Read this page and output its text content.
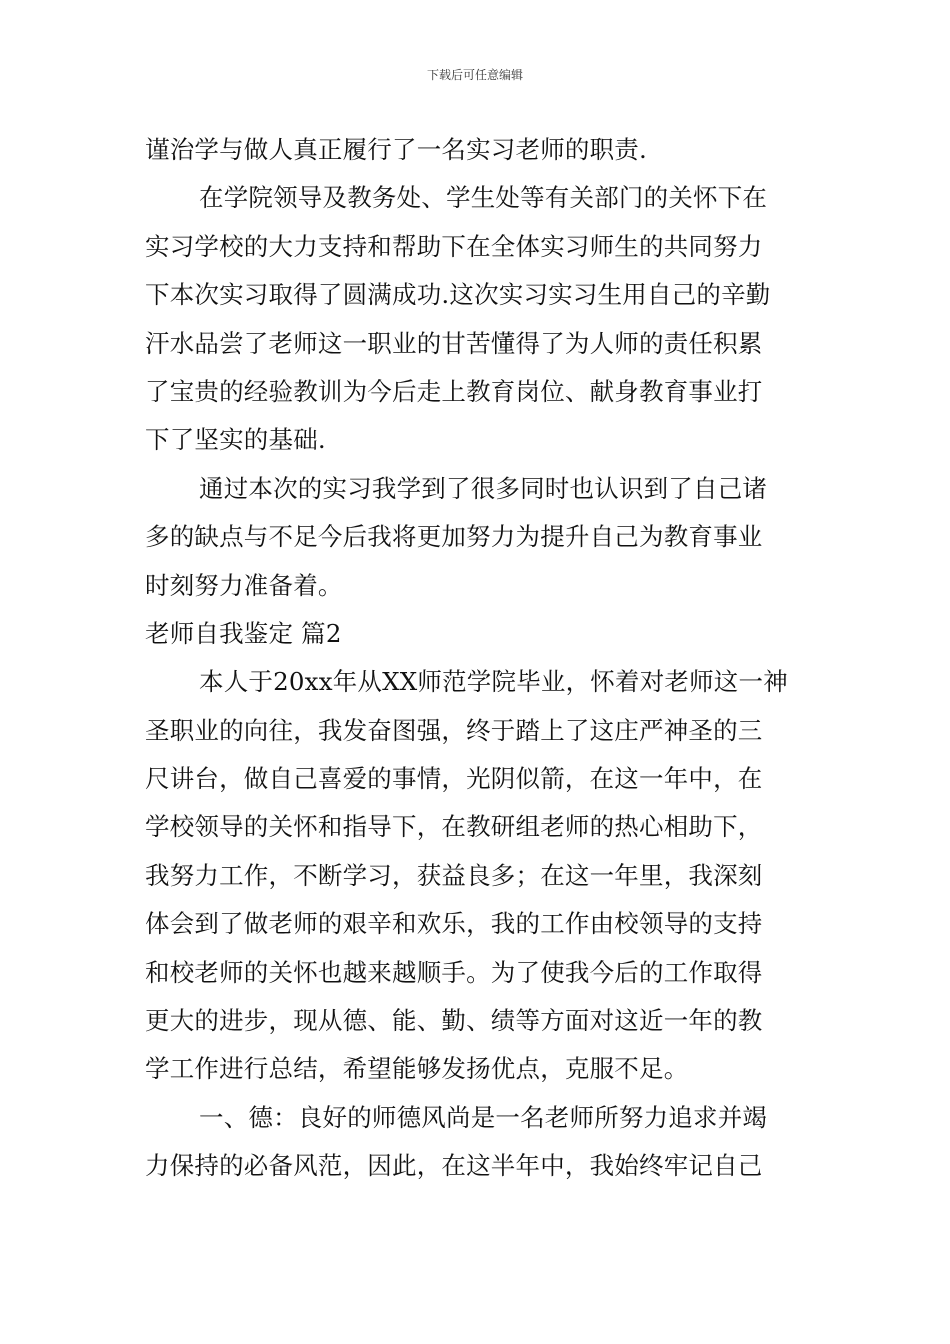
下载后可任意编辑
谨治学与做人真正履行了一名实习老师的职责.
在学院领导及教务处、学生处等有关部门的关怀下在
实习学校的大力支持和帮助下在全体实习师生的共同努力
下本次实习取得了圆满成功.这次实习实习生用自己的辛勤
汗水品尝了老师这一职业的甘苦懂得了为人师的责任积累
了宝贵的经验教训为今后走上教育岗位、献身教育事业打
下了坚实的基础.
通过本次的实习我学到了很多同时也认识到了自己诸
多的缺点与不足今后我将更加努力为提升自己为教育事业
时刻努力准备着。
老师自我鉴定 篇2
本人于20xx年从XX师范学院毕业，怀着对老师这一神
圣职业的向往，我发奋图强，终于踏上了这庄严神圣的三
尺讲台，做自己喜爱的事情，光阴似箭，在这一年中，在
学校领导的关怀和指导下，在教研组老师的热心相助下，
我努力工作，不断学习，获益良多；在这一年里，我深刻
体会到了做老师的艰辛和欢乐，我的工作由校领导的支持
和校老师的关怀也越来越顺手。为了使我今后的工作取得
更大的进步，现从德、能、勤、绩等方面对这近一年的教
学工作进行总结，希望能够发扬优点，克服不足。
一、德：良好的师德风尚是一名老师所努力追求并竭
力保持的必备风范，因此，在这半年中，我始终牢记自己
